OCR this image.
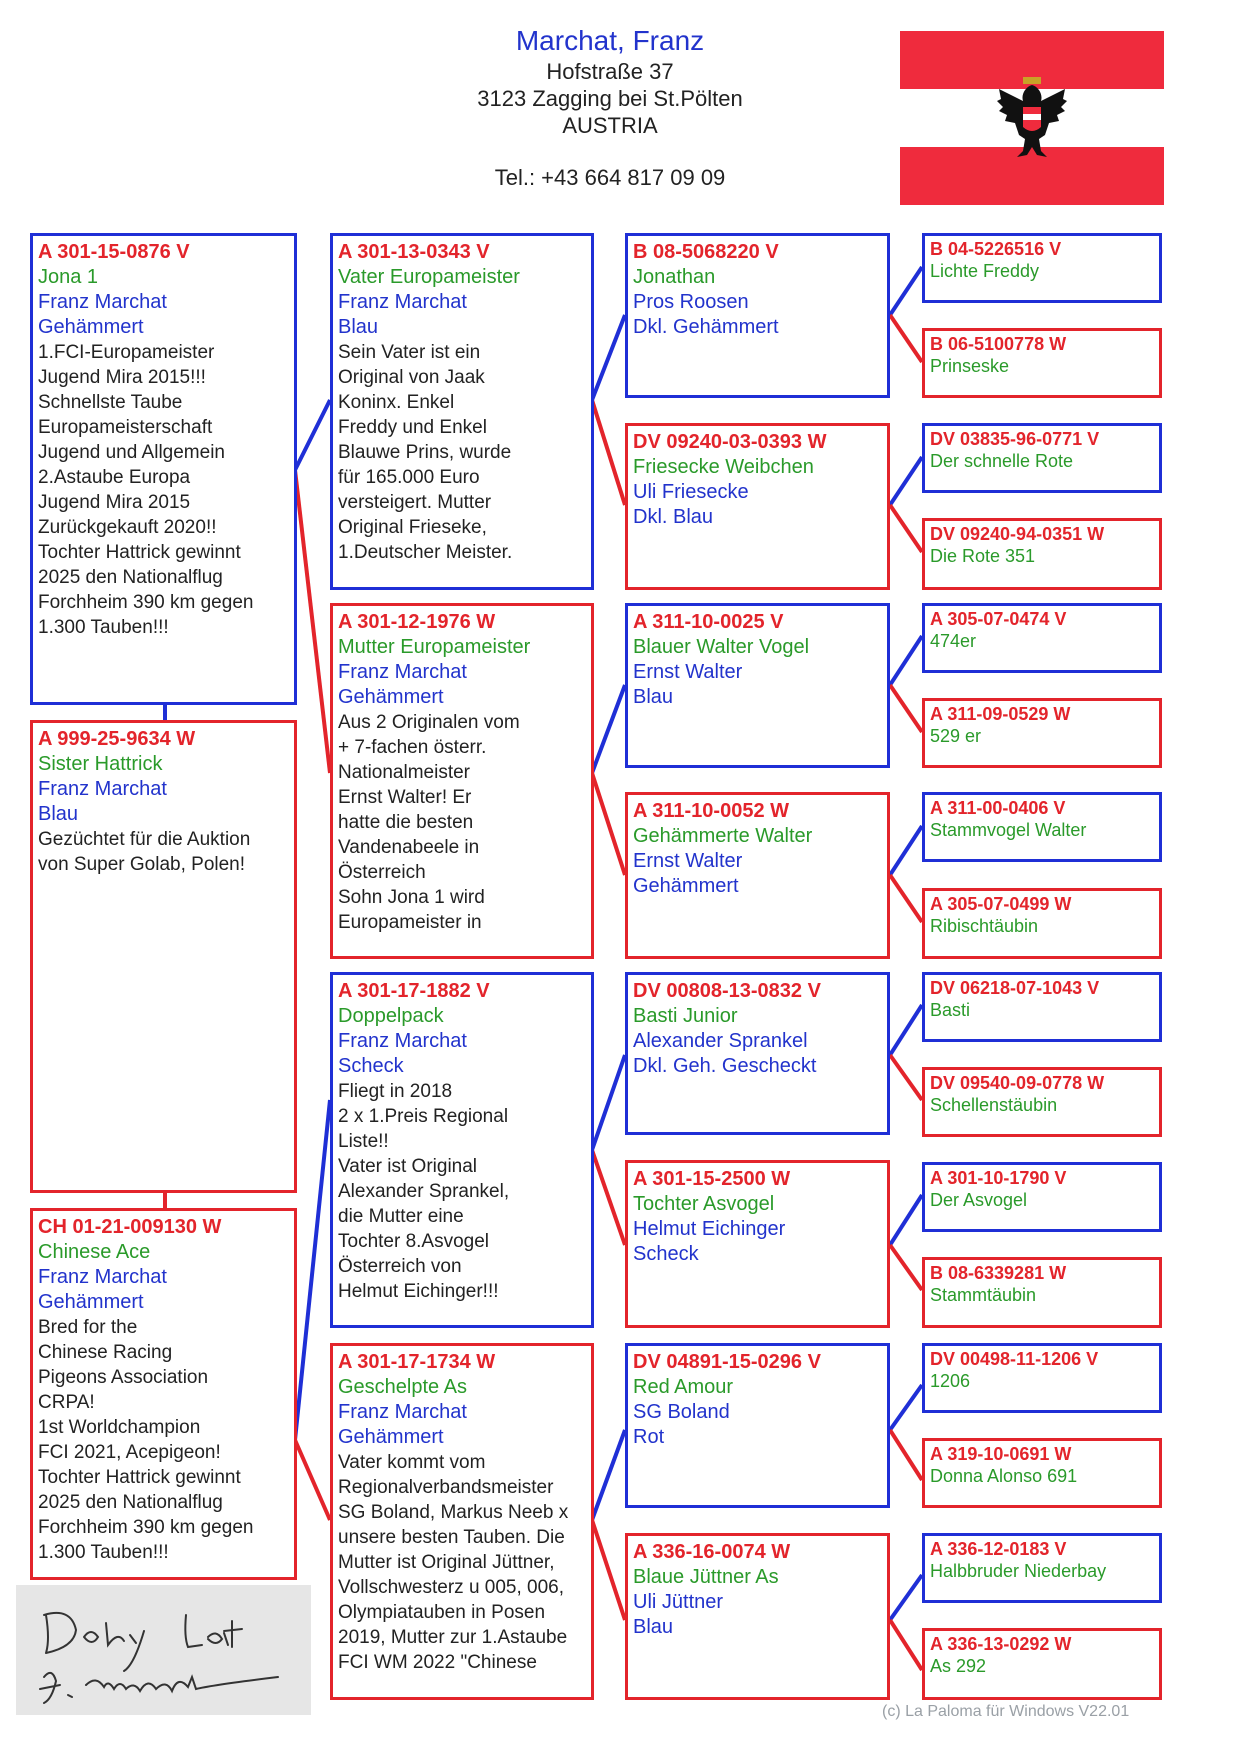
Marchat, Franz
Hofstraße 37
3123 Zagging bei St.Pölten
AUSTRIA
Tel.: +43 664 817 09 09
A 301-15-0876 V
Jona 1
Franz Marchat
Gehämmert
1.FCI-Europameister
Jugend Mira 2015!!!
Schnellste Taube
Europameisterschaft
Jugend und Allgemein
2.Astaube Europa
Jugend Mira 2015
Zurückgekauft 2020!!
Tochter Hattrick gewinnt
2025 den Nationalflug
Forchheim 390 km gegen
1.300 Tauben!!!
A 999-25-9634 W
Sister Hattrick
Franz Marchat
Blau
Gezüchtet für die Auktion
von Super Golab, Polen!
CH 01-21-009130 W
Chinese Ace
Franz Marchat
Gehämmert
Bred for the
Chinese Racing
Pigeons Association
CRPA!
1st Worldchampion
FCI 2021, Acepigeon!
Tochter Hattrick gewinnt
2025 den Nationalflug
Forchheim 390 km gegen
1.300 Tauben!!!
A 301-13-0343 V
Vater Europameister
Franz Marchat
Blau
Sein Vater ist ein
Original von Jaak
Koninx. Enkel
Freddy und Enkel
Blauwe Prins, wurde
für 165.000 Euro
versteigert. Mutter
Original Frieseke,
1.Deutscher Meister.
A 301-12-1976 W
Mutter Europameister
Franz Marchat
Gehämmert
Aus 2 Originalen vom
+ 7-fachen österr.
Nationalmeister
Ernst Walter! Er
hatte die besten
Vandenabeele in
Österreich
Sohn Jona 1 wird
Europameister in
A 301-17-1882 V
Doppelpack
Franz Marchat
Scheck
Fliegt in 2018
2 x 1.Preis Regional
Liste!!
Vater ist Original
Alexander Sprankel,
die Mutter eine
Tochter 8.Asvogel
Österreich von
Helmut Eichinger!!!
A 301-17-1734 W
Geschelpte As
Franz Marchat
Gehämmert
Vater kommt vom
Regionalverbandsmeister
SG Boland, Markus Neeb x
unsere besten Tauben. Die
Mutter ist Original Jüttner,
Vollschwesterz u 005, 006,
Olympiatauben in Posen
2019, Mutter zur 1.Astaube
FCI WM 2022 "Chinese
B 08-5068220 V
Jonathan
Pros Roosen
Dkl. Gehämmert
DV 09240-03-0393 W
Friesecke Weibchen
Uli Friesecke
Dkl. Blau
A 311-10-0025 V
Blauer Walter Vogel
Ernst Walter
Blau
A 311-10-0052 W
Gehämmerte Walter
Ernst Walter
Gehämmert
DV 00808-13-0832 V
Basti Junior
Alexander Sprankel
Dkl. Geh. Gescheckt
A 301-15-2500 W
Tochter Asvogel
Helmut Eichinger
Scheck
DV 04891-15-0296 V
Red Amour
SG Boland
Rot
A 336-16-0074 W
Blaue Jüttner As
Uli Jüttner
Blau
B 04-5226516 V
Lichte Freddy
B 06-5100778 W
Prinseske
DV 03835-96-0771 V
Der schnelle Rote
DV 09240-94-0351 W
Die Rote 351
A 305-07-0474 V
474er
A 311-09-0529 W
529 er
A 311-00-0406 V
Stammvogel Walter
A 305-07-0499 W
Ribischtäubin
DV 06218-07-1043 V
Basti
DV 09540-09-0778 W
Schellenstäubin
A 301-10-1790 V
Der Asvogel
B 08-6339281 W
Stammtäubin
DV 00498-11-1206 V
1206
A 319-10-0691 W
Donna Alonso 691
A 336-12-0183 V
Halbbruder Niederbay
A 336-13-0292 W
As 292
(c) La Paloma für Windows V22.01
